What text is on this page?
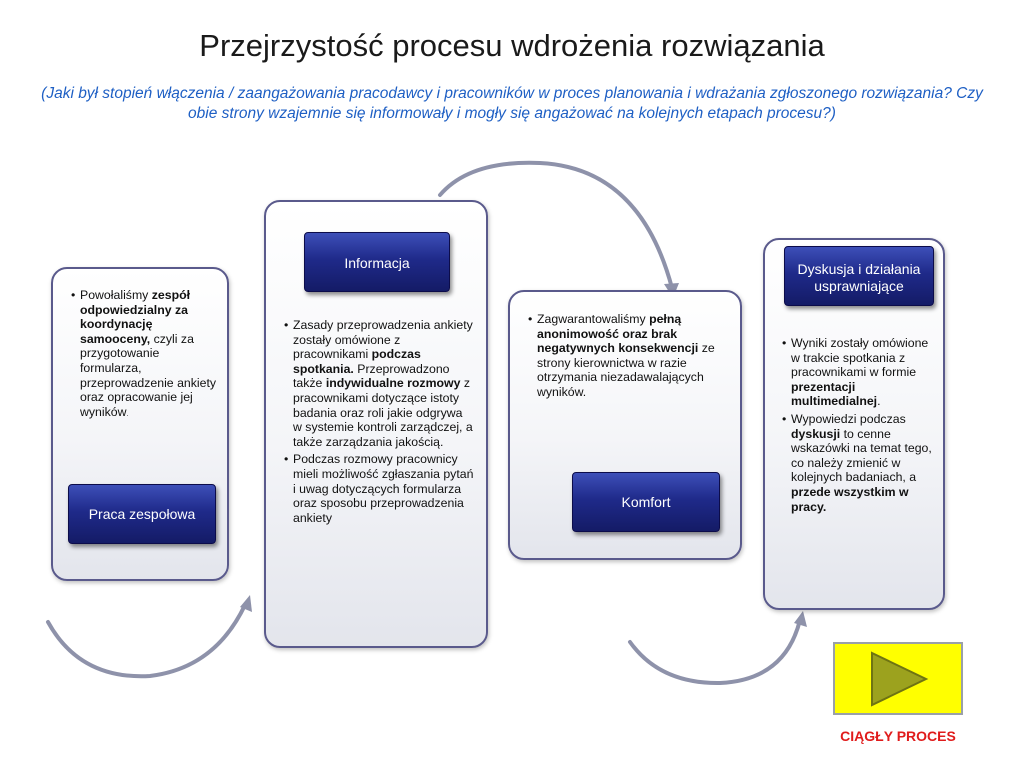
Przejrzystość procesu wdrożenia rozwiązania

(Jaki był stopień włączenia / zaangażowania pracodawcy i pracowników w proces planowania i wdrażania zgłoszonego rozwiązania? Czy obie strony wzajemnie się informowały i mogły się angażować na kolejnych etapach procesu?)

• Powołaliśmy zespół odpowiedzialny za koordynację samooceny, czyli za przygotowanie formularza, przeprowadzenie ankiety oraz opracowanie jej wyników.
Praca zespołowa
• Zasady przeprowadzenia ankiety zostały omówione z pracownikami podczas spotkania. Przeprowadzono także indywidualne rozmowy z pracownikami dotyczące istoty badania oraz roli jakie odgrywa w systemie kontroli zarządczej, a także zarządzania jakością.
• Podczas rozmowy pracownicy mieli możliwość zgłaszania pytań i uwag dotyczących formularza oraz sposobu przeprowadzenia ankiety
Informacja
• Zagwarantowaliśmy pełną anonimowość oraz brak negatywnych konsekwencji ze strony kierownictwa w razie otrzymania niezadawalających wyników.
Komfort
• Wyniki zostały omówione w trakcie spotkania z pracownikami w formie prezentacji multimedialnej.
• Wypowiedzi podczas dyskusji to cenne wskazówki na temat tego, co należy zmienić w kolejnych badaniach, a przede wszystkim w pracy.
Dyskusja i działania usprawniające
CIĄGŁY PROCES
